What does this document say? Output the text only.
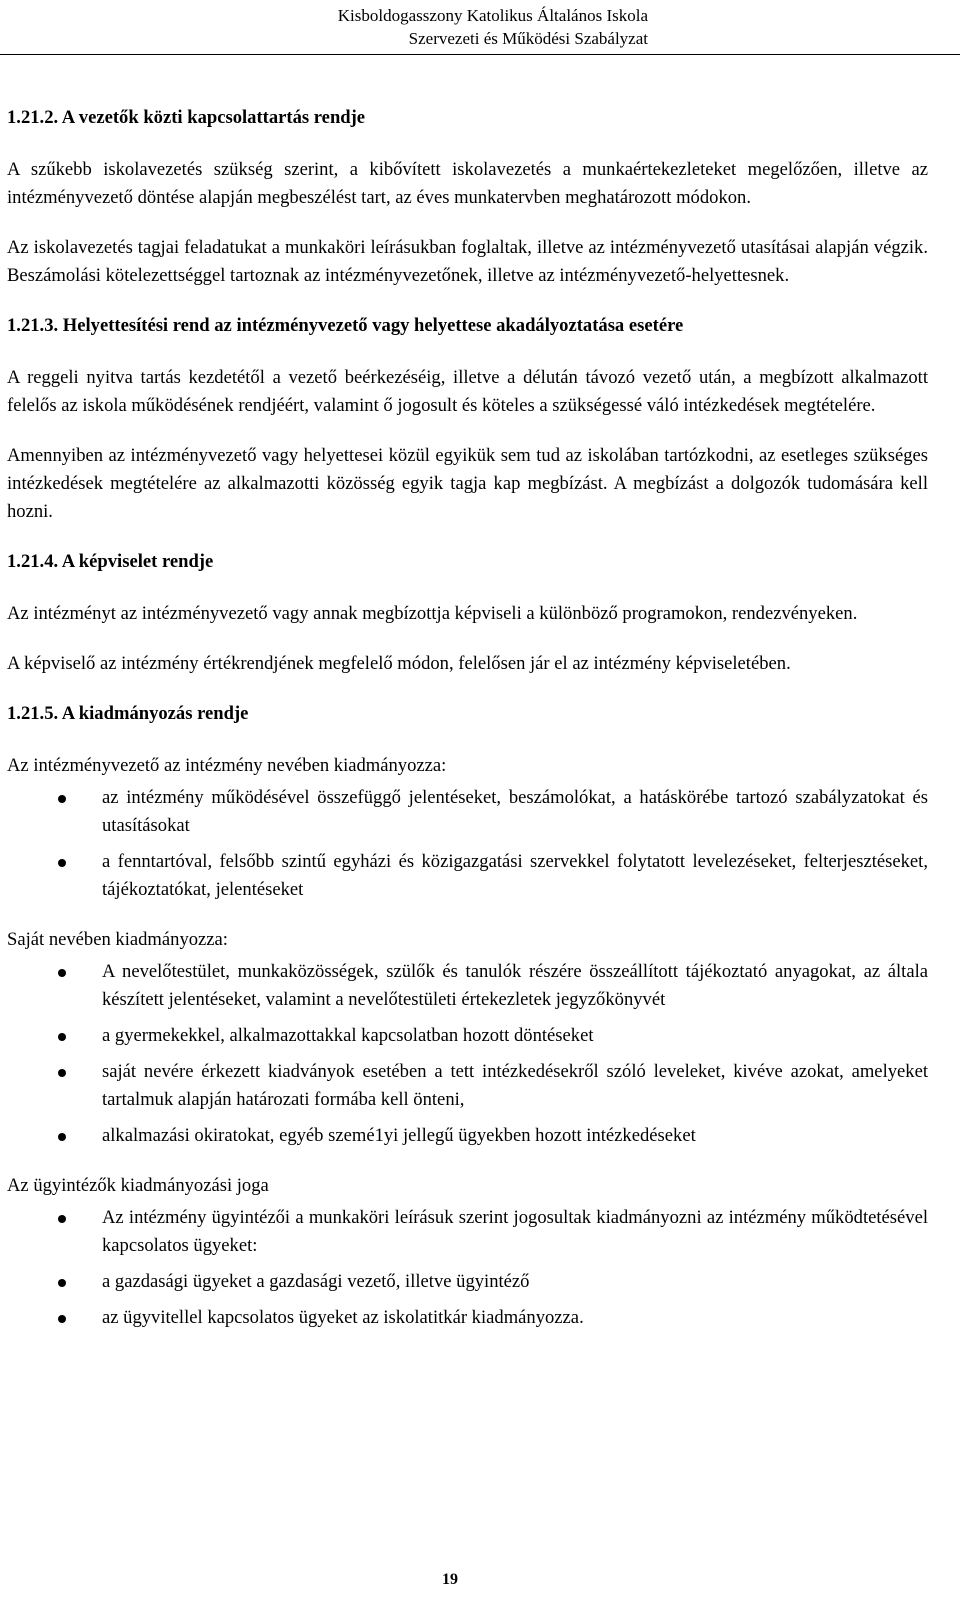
Kisboldogasszony Katolikus Általános Iskola
Szervezeti és Működési Szabályzat
1.21.2. A vezetők közti kapcsolattartás rendje

A szűkebb iskolavezetés szükség szerint, a kibővített iskolavezetés a munkaértekezleteket megelőzően, illetve az intézményvezető döntése alapján megbeszélést tart, az éves munkatervben meghatározott módokon.

Az iskolavezetés tagjai feladatukat a munkaköri leírásukban foglaltak, illetve az intézményvezető utasításai alapján végzik. Beszámolási kötelezettséggel tartoznak az intézményvezetőnek, illetve az intézményvezető-helyettesnek.

1.21.3. Helyettesítési rend az intézményvezető vagy helyettese akadályoztatása esetére

A reggeli nyitva tartás kezdetétől a vezető beérkezéséig, illetve a délután távozó vezető után, a megbízott alkalmazott felelős az iskola működésének rendjéért, valamint ő jogosult és köteles a szükségessé váló intézkedések megtételére.

Amennyiben az intézményvezető vagy helyettesei közül egyikük sem tud az iskolában tartózkodni, az esetleges szükséges intézkedések megtételére az alkalmazotti közösség egyik tagja kap megbízást. A megbízást a dolgozók tudomására kell hozni.

1.21.4. A képviselet rendje

Az intézményt az intézményvezető vagy annak megbízottja képviseli a különböző programokon, rendezvényeken.

A képviselő az intézmény értékrendjének megfelelő módon, felelősen jár el az intézmény képviseletében.

1.21.5. A kiadmányozás rendje

Az intézményvezető az intézmény nevében kiadmányozza:

az intézmény működésével összefüggő jelentéseket, beszámolókat, a hatáskörébe tartozó szabályzatokat és utasításokat
a fenntartóval, felsőbb szintű egyházi és közigazgatási szervekkel folytatott levelezéseket, felterjesztéseket, tájékoztatókat, jelentéseket

Saját nevében kiadmányozza:

A nevelőtestület, munkaközösségek, szülők és tanulók részére összeállított tájékoztató anyagokat, az általa készített jelentéseket, valamint a nevelőtestületi értekezletek jegyzőkönyvét
a gyermekekkel, alkalmazottakkal kapcsolatban hozott döntéseket
saját nevére érkezett kiadványok esetében a tett intézkedésekről szóló leveleket, kivéve azokat, amelyeket tartalmuk alapján határozati formába kell önteni,
alkalmazási okiratokat, egyéb szemé1yi jellegű ügyekben hozott intézkedéseket

Az ügyintézők kiadmányozási joga

Az intézmény ügyintézői a munkaköri leírásuk szerint jogosultak kiadmányozni az intézmény működtetésével kapcsolatos ügyeket:
a gazdasági ügyeket a gazdasági vezető, illetve ügyintéző
az ügyvitellel kapcsolatos ügyeket az iskolatitkár kiadmányozza.
19
